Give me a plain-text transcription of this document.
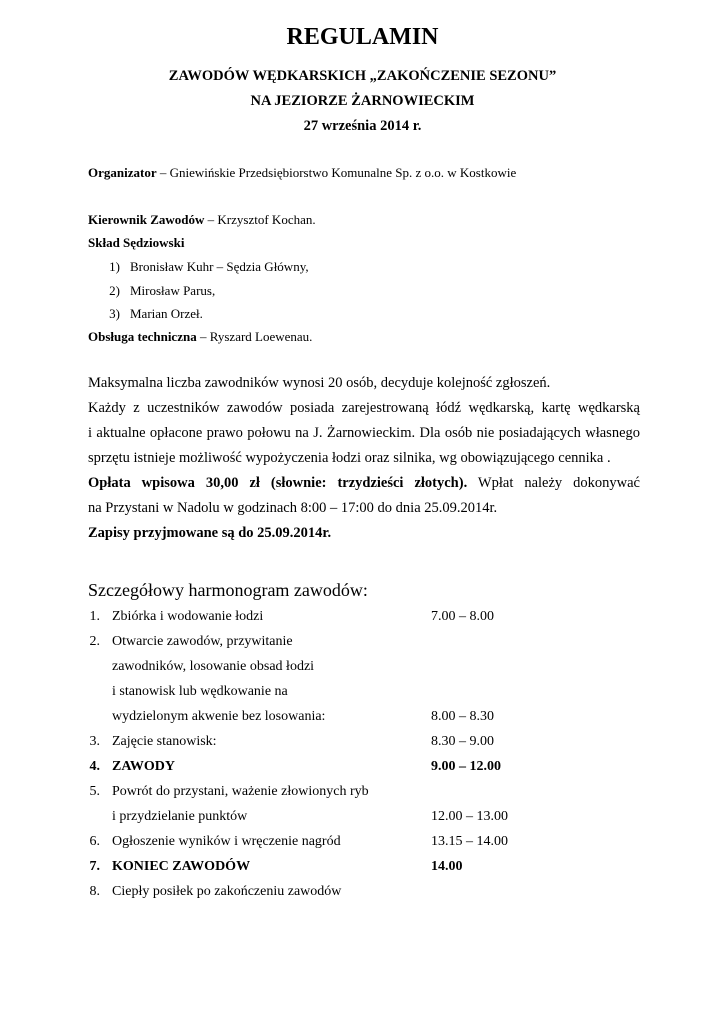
REGULAMIN
ZAWODÓW WĘDKARSKICH „ZAKOŃCZENIE SEZONU”
NA JEZIORZE ŻARNOWIECKIM
27 września 2014 r.
Organizator – Gniewińskie Przedsiębiorstwo Komunalne Sp. z o.o. w Kostkowie
Kierownik Zawodów – Krzysztof Kochan.
Skład Sędziowski
1) Bronisław Kuhr – Sędzia Główny,
2) Mirosław Parus,
3) Marian Orzeł.
Obsługa techniczna – Ryszard Loewenau.
Maksymalna liczba zawodników wynosi 20 osób, decyduje kolejność zgłoszeń.
Każdy z uczestników zawodów posiada zarejestrowaną łódź wędkarską, kartę wędkarską
i aktualne opłacone prawo połowu na J. Żarnowieckim. Dla osób nie posiadających własnego
sprzętu istnieje możliwość wypożyczenia łodzi oraz silnika, wg obowiązującego cennika .
Opłata wpisowa 30,00 zł (słownie: trzydzieści złotych). Wpłat należy dokonywać
na Przystani w Nadolu w godzinach 8:00 – 17:00 do dnia 25.09.2014r.
Zapisy przyjmowane są do 25.09.2014r.
Szczegółowy harmonogram zawodów:
1. Zbiórka i wodowanie łodzi	7.00 – 8.00
2. Otwarcie zawodów, przywitanie
zawodników, losowanie obsad łodzi
i stanowisk lub wędkowanie na
wydzielonym akwenie bez losowania:	8.00 – 8.30
3. Zajęcie stanowisk:	8.30 – 9.00
4. ZAWODY	9.00 – 12.00
5. Powrót do przystani, ważenie złowionych ryb
i przydzielanie punktów	12.00 – 13.00
6. Ogłoszenie wyników i wręczenie nagród	13.15 – 14.00
7. KONIEC ZAWODÓW	14.00
8. Ciepły posiłek po zakończeniu zawodów
